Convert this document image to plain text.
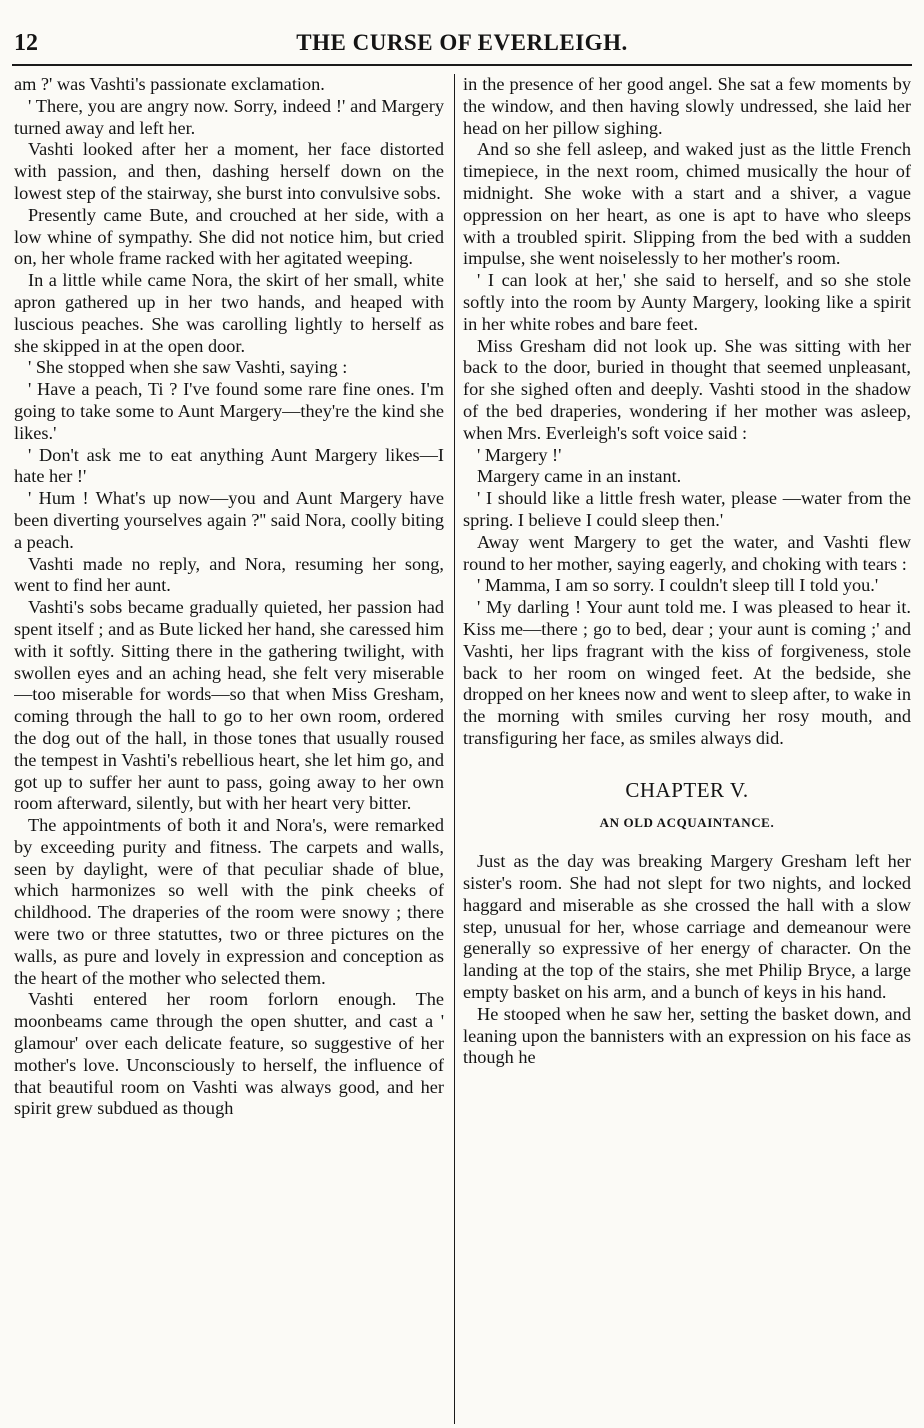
12	THE CURSE OF EVERLEIGH.

am ?' was Vashti's passionate exclamation.

' There, you are angry now. Sorry, indeed !' and Margery turned away and left her.

Vashti looked after her a moment, her face distorted with passion, and then, dashing herself down on the lowest step of the stairway, she burst into convulsive sobs.

Presently came Bute, and crouched at her side, with a low whine of sympathy. She did not notice him, but cried on, her whole frame racked with her agitated weeping.

In a little while came Nora, the skirt of her small, white apron gathered up in her two hands, and heaped with luscious peaches. She was carolling lightly to herself as she skipped in at the open door.

' She stopped when she saw Vashti, saying :

' Have a peach, Ti ? I've found some rare fine ones. I'm going to take some to Aunt Margery—they're the kind she likes.'

' Don't ask me to eat anything Aunt Margery likes—I hate her !'

' Hum ! What's up now—you and Aunt Margery have been diverting yourselves again ?'' said Nora, coolly biting a peach.

Vashti made no reply, and Nora, resuming her song, went to find her aunt.

Vashti's sobs became gradually quieted, her passion had spent itself ; and as Bute licked her hand, she caressed him with it softly. Sitting there in the gathering twilight, with swollen eyes and an aching head, she felt very miserable—too miserable for words—so that when Miss Gresham, coming through the hall to go to her own room, ordered the dog out of the hall, in those tones that usually roused the tempest in Vashti's rebellious heart, she let him go, and got up to suffer her aunt to pass, going away to her own room afterward, silently, but with her heart very bitter.

The appointments of both it and Nora's, were remarked by exceeding purity and fitness. The carpets and walls, seen by daylight, were of that peculiar shade of blue, which harmonizes so well with the pink cheeks of childhood. The draperies of the room were snowy ; there were two or three statuttes, two or three pictures on the walls, as pure and lovely in expression and conception as the heart of the mother who selected them.

Vashti entered her room forlorn enough. The moonbeams came through the open shutter, and cast a ' glamour' over each delicate feature, so suggestive of her mother's love. Unconsciously to herself, the influence of that beautiful room on Vashti was always good, and her spirit grew subdued as though

in the presence of her good angel. She sat a few moments by the window, and then having slowly undressed, she laid her head on her pillow sighing.

And so she fell asleep, and waked just as the little French timepiece, in the next room, chimed musically the hour of midnight. She woke with a start and a shiver, a vague oppression on her heart, as one is apt to have who sleeps with a troubled spirit. Slipping from the bed with a sudden impulse, she went noiselessly to her mother's room.

' I can look at her,' she said to herself, and so she stole softly into the room by Aunty Margery, looking like a spirit in her white robes and bare feet.

Miss Gresham did not look up. She was sitting with her back to the door, buried in thought that seemed unpleasant, for she sighed often and deeply. Vashti stood in the shadow of the bed draperies, wondering if her mother was asleep, when Mrs. Everleigh's soft voice said :

' Margery !'

Margery came in an instant.

' I should like a little fresh water, please —water from the spring. I believe I could sleep then.'

Away went Margery to get the water, and Vashti flew round to her mother, saying eagerly, and choking with tears :

' Mamma, I am so sorry. I couldn't sleep till I told you.'

' My darling ! Your aunt told me. I was pleased to hear it. Kiss me—there ; go to bed, dear ; your aunt is coming ;' and Vashti, her lips fragrant with the kiss of forgiveness, stole back to her room on winged feet. At the bedside, she dropped on her knees now and went to sleep after, to wake in the morning with smiles curving her rosy mouth, and transfiguring her face, as smiles always did.

CHAPTER V.
AN OLD ACQUAINTANCE.

Just as the day was breaking Margery Gresham left her sister's room. She had not slept for two nights, and locked haggard and miserable as she crossed the hall with a slow step, unusual for her, whose carriage and demeanour were generally so expressive of her energy of character. On the landing at the top of the stairs, she met Philip Bryce, a large empty basket on his arm, and a bunch of keys in his hand.

He stooped when he saw her, setting the basket down, and leaning upon the bannisters with an expression on his face as though he
